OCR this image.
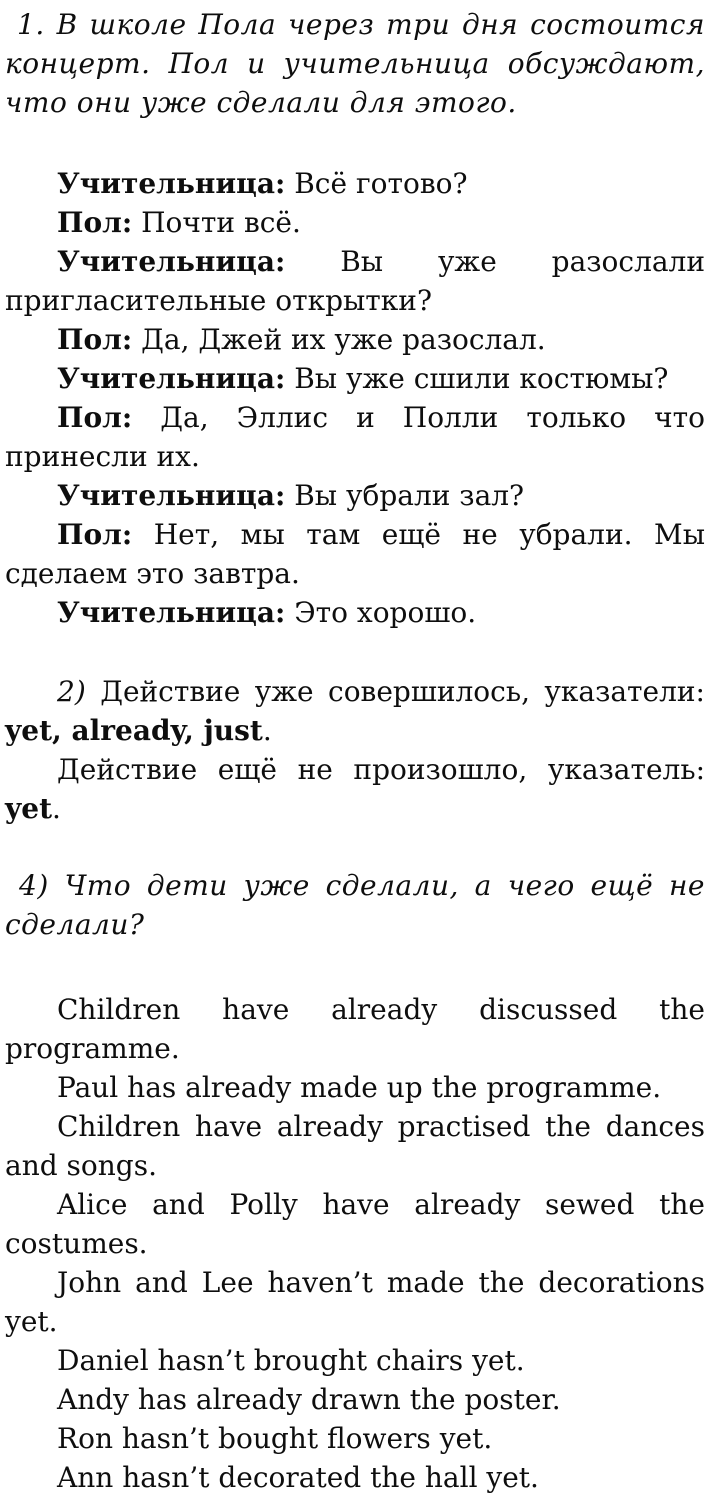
1. В школе Пола через три дня состоится концерт. Пол и учительница обсуждают, что они уже сделали для этого.

Учительница: Всё готово?

Пол: Почти всё.

Учительница: Вы уже разослали пригласительные открытки?

Пол: Да, Джей их уже разослал.

Учительница: Вы уже сшили костюмы?

Пол: Да, Эллис и Полли только что принесли их.

Учительница: Вы убрали зал?

Пол: Нет, мы там ещё не убрали. Мы сделаем это завтра.

Учительница: Это хорошо.

2) Действие уже совершилось, указатели: yet, already, just.

Действие ещё не произошло, указатель: yet.

4) Что дети уже сделали, а чего ещё не сделали?

Children have already discussed the programme.

Paul has already made up the programme.

Children have already practised the dances and songs.

Alice and Polly have already sewed the costumes.

John and Lee haven’t made the decorations yet.

Daniel hasn’t brought chairs yet.

Andy has already drawn the poster.

Ron hasn’t bought flowers yet.

Ann hasn’t decorated the hall yet.
